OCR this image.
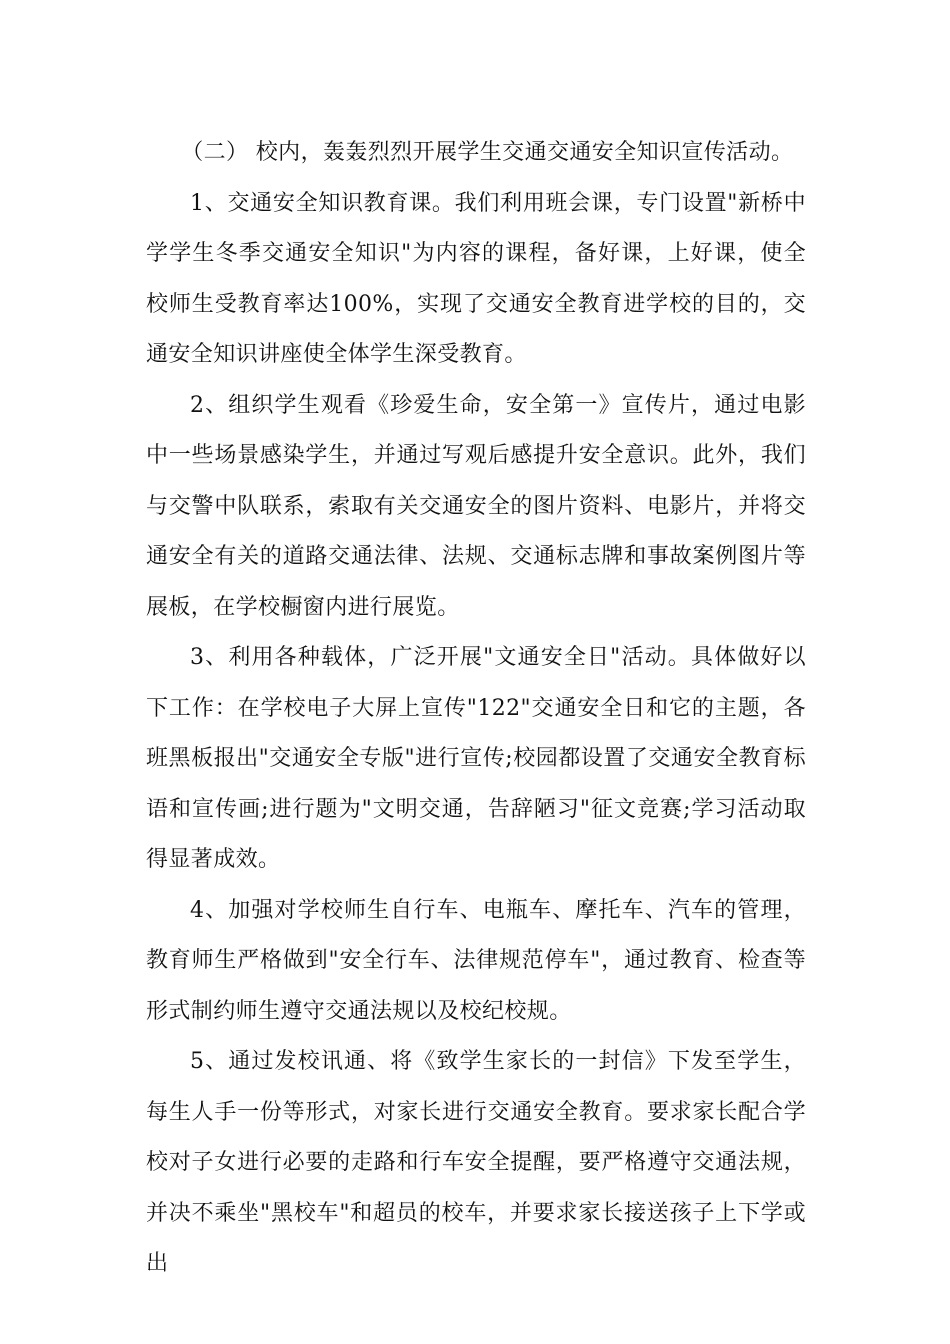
（二） 校内，轰轰烈烈开展学生交通交通安全知识宣传活动。

1、交通安全知识教育课。我们利用班会课，专门设置"新桥中学学生冬季交通安全知识"为内容的课程，备好课，上好课，使全校师生受教育率达100%，实现了交通安全教育进学校的目的，交通安全知识讲座使全体学生深受教育。

2、组织学生观看《珍爱生命，安全第一》宣传片，通过电影中一些场景感染学生，并通过写观后感提升安全意识。此外，我们与交警中队联系，索取有关交通安全的图片资料、电影片，并将交通安全有关的道路交通法律、法规、交通标志牌和事故案例图片等展板，在学校橱窗内进行展览。

3、利用各种载体，广泛开展"文通安全日"活动。具体做好以下工作：在学校电子大屏上宣传"122"交通安全日和它的主题，各班黑板报出"交通安全专版"进行宣传;校园都设置了交通安全教育标语和宣传画;进行题为"文明交通，告辞陋习"征文竞赛;学习活动取得显著成效。

4、加强对学校师生自行车、电瓶车、摩托车、汽车的管理，教育师生严格做到"安全行车、法律规范停车"，通过教育、检查等形式制约师生遵守交通法规以及校纪校规。

5、通过发校讯通、将《致学生家长的一封信》下发至学生，每生人手一份等形式，对家长进行交通安全教育。要求家长配合学校对子女进行必要的走路和行车安全提醒，要严格遵守交通法规，并决不乘坐"黑校车"和超员的校车，并要求家长接送孩子上下学或出
